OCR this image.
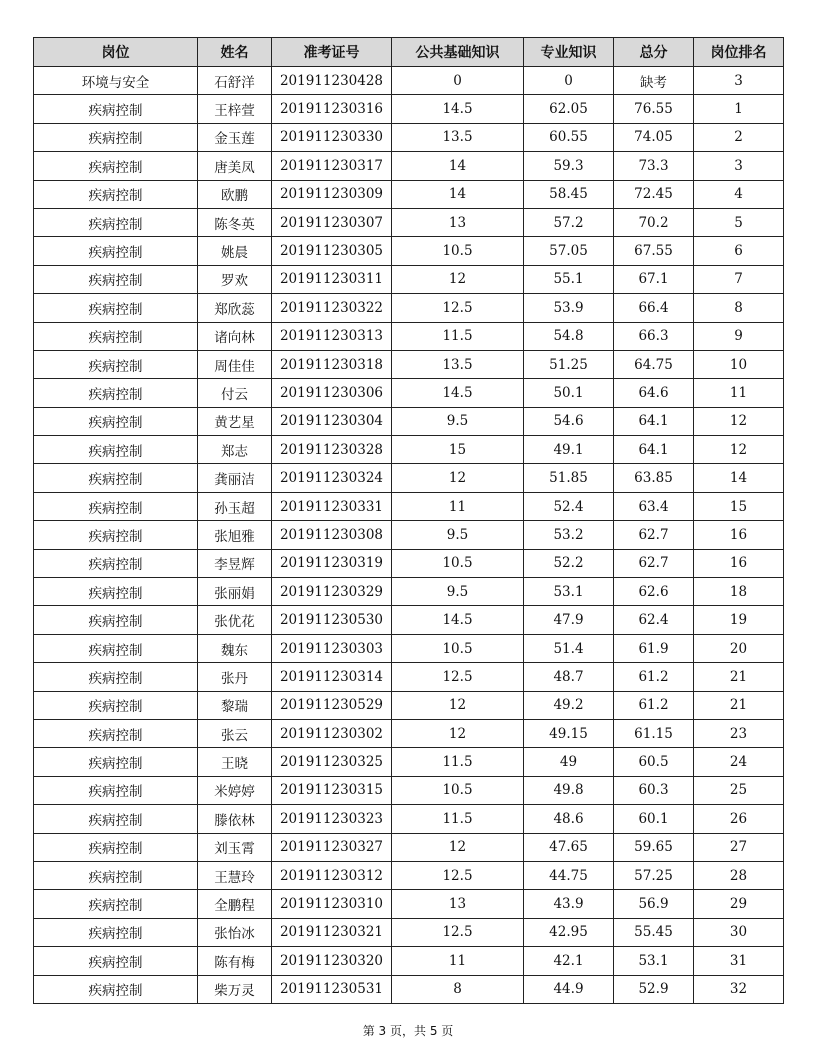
岗位	姓名	准考证号	公共基础知识	专业知识	总分	岗位排名
环境与安全	石舒洋	201911230428	0	0	缺考	3
疾病控制	王梓萱	201911230316	14.5	62.05	76.55	1
疾病控制	金玉莲	201911230330	13.5	60.55	74.05	2
疾病控制	唐美凤	201911230317	14	59.3	73.3	3
疾病控制	欧鹏	201911230309	14	58.45	72.45	4
疾病控制	陈冬英	201911230307	13	57.2	70.2	5
疾病控制	姚晨	201911230305	10.5	57.05	67.55	6
疾病控制	罗欢	201911230311	12	55.1	67.1	7
疾病控制	郑欣蕊	201911230322	12.5	53.9	66.4	8
疾病控制	诸向林	201911230313	11.5	54.8	66.3	9
疾病控制	周佳佳	201911230318	13.5	51.25	64.75	10
疾病控制	付云	201911230306	14.5	50.1	64.6	11
疾病控制	黄艺星	201911230304	9.5	54.6	64.1	12
疾病控制	郑志	201911230328	15	49.1	64.1	12
疾病控制	龚丽洁	201911230324	12	51.85	63.85	14
疾病控制	孙玉超	201911230331	11	52.4	63.4	15
疾病控制	张旭雅	201911230308	9.5	53.2	62.7	16
疾病控制	李昱辉	201911230319	10.5	52.2	62.7	16
疾病控制	张丽娟	201911230329	9.5	53.1	62.6	18
疾病控制	张优花	201911230530	14.5	47.9	62.4	19
疾病控制	魏东	201911230303	10.5	51.4	61.9	20
疾病控制	张丹	201911230314	12.5	48.7	61.2	21
疾病控制	黎瑞	201911230529	12	49.2	61.2	21
疾病控制	张云	201911230302	12	49.15	61.15	23
疾病控制	王晓	201911230325	11.5	49	60.5	24
疾病控制	米婷婷	201911230315	10.5	49.8	60.3	25
疾病控制	滕依林	201911230323	11.5	48.6	60.1	26
疾病控制	刘玉霄	201911230327	12	47.65	59.65	27
疾病控制	王慧玲	201911230312	12.5	44.75	57.25	28
疾病控制	全鹏程	201911230310	13	43.9	56.9	29
疾病控制	张怡冰	201911230321	12.5	42.95	55.45	30
疾病控制	陈有梅	201911230320	11	42.1	53.1	31
疾病控制	柴万灵	201911230531	8	44.9	52.9	32
第 3 页，共 5 页
